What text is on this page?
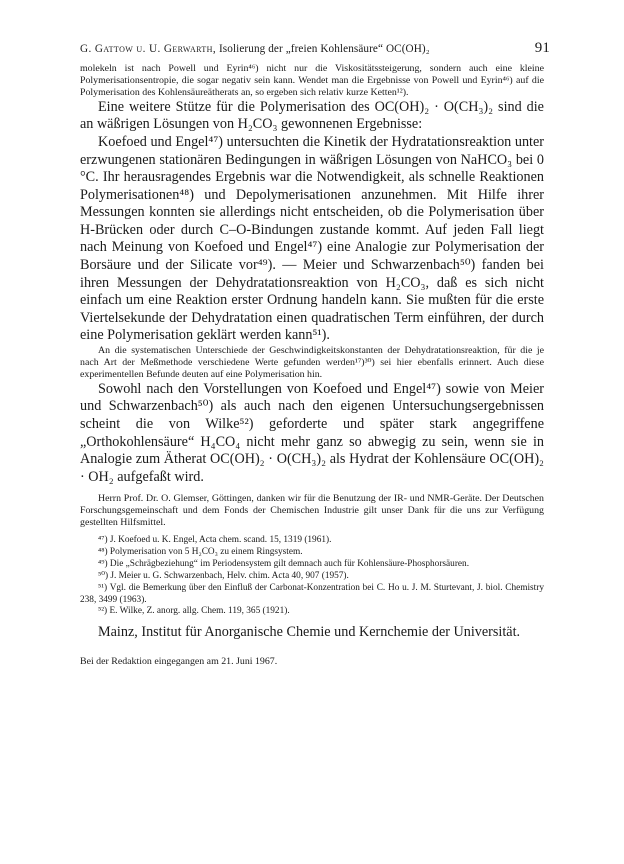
G. Gattow u. U. Gerwarth, Isolierung der „freien Kohlensäure“ OC(OH)₂	91

molekeln ist nach Powell und Eyrin⁴⁶) nicht nur die Viskositätssteigerung, sondern auch eine kleine Polymerisationsentropie, die sogar negativ sein kann. Wendet man die Ergebnisse von Powell und Eyrin⁴⁶) auf die Polymerisation des Kohlensäureätherats an, so ergeben sich relativ kurze Ketten¹²).

Eine weitere Stütze für die Polymerisation des OC(OH)₂ · O(CH₃)₂ sind die an wäßrigen Lösungen von H₂CO₃ gewonnenen Ergebnisse:

Koefoed und Engel⁴⁷) untersuchten die Kinetik der Hydratationsreaktion unter erzwungenen stationären Bedingungen in wäßrigen Lösungen von NaHCO₃ bei 0 °C. Ihr herausragendes Ergebnis war die Notwendigkeit, als schnelle Reaktionen Polymerisationen⁴⁸) und Depolymerisationen anzunehmen. Mit Hilfe ihrer Messungen konnten sie allerdings nicht entscheiden, ob die Polymerisation über H-Brücken oder durch C–O-Bindungen zustande kommt. Auf jeden Fall liegt nach Meinung von Koefoed und Engel⁴⁷) eine Analogie zur Polymerisation der Borsäure und der Silicate vor⁴⁹). — Meier und Schwarzenbach⁵⁰) fanden bei ihren Messungen der Dehydratationsreaktion von H₂CO₃, daß es sich nicht einfach um eine Reaktion erster Ordnung handeln kann. Sie mußten für die erste Viertelsekunde der Dehydratation einen quadratischen Term einführen, der durch eine Polymerisation geklärt werden kann⁵¹).

An die systematischen Unterschiede der Geschwindigkeitskonstanten der Dehydratationsreaktion, für die je nach Art der Meßmethode verschiedene Werte gefunden werden¹⁷)³⁰) sei hier ebenfalls erinnert. Auch diese experimentellen Befunde deuten auf eine Polymerisation hin.

Sowohl nach den Vorstellungen von Koefoed und Engel⁴⁷) sowie von Meier und Schwarzenbach⁵⁰) als auch nach den eigenen Untersuchungsergebnissen scheint die von Wilke⁵²) geforderte und später stark angegriffene „Orthokohlensäure“ H₄CO₄ nicht mehr ganz so abwegig zu sein, wenn sie in Analogie zum Ätherat OC(OH)₂ · O(CH₃)₂ als Hydrat der Kohlensäure OC(OH)₂ · OH₂ aufgefaßt wird.

Herrn Prof. Dr. O. Glemser, Göttingen, danken wir für die Benutzung der IR- und NMR-Geräte. Der Deutschen Forschungsgemeinschaft und dem Fonds der Chemischen Industrie gilt unser Dank für die uns zur Verfügung gestellten Hilfsmittel.

⁴⁷) J. Koefoed u. K. Engel, Acta chem. scand. 15, 1319 (1961).

⁴⁸) Polymerisation von 5 H₂CO₃ zu einem Ringsystem.

⁴⁹) Die „Schrägbeziehung“ im Periodensystem gilt demnach auch für Kohlensäure-Phosphorsäuren.

⁵⁰) J. Meier u. G. Schwarzenbach, Helv. chim. Acta 40, 907 (1957).

⁵¹) Vgl. die Bemerkung über den Einfluß der Carbonat-Konzentration bei C. Ho u. J. M. Sturtevant, J. biol. Chemistry 238, 3499 (1963).

⁵²) E. Wilke, Z. anorg. allg. Chem. 119, 365 (1921).

Mainz, Institut für Anorganische Chemie und Kernchemie der Universität.

Bei der Redaktion eingegangen am 21. Juni 1967.
